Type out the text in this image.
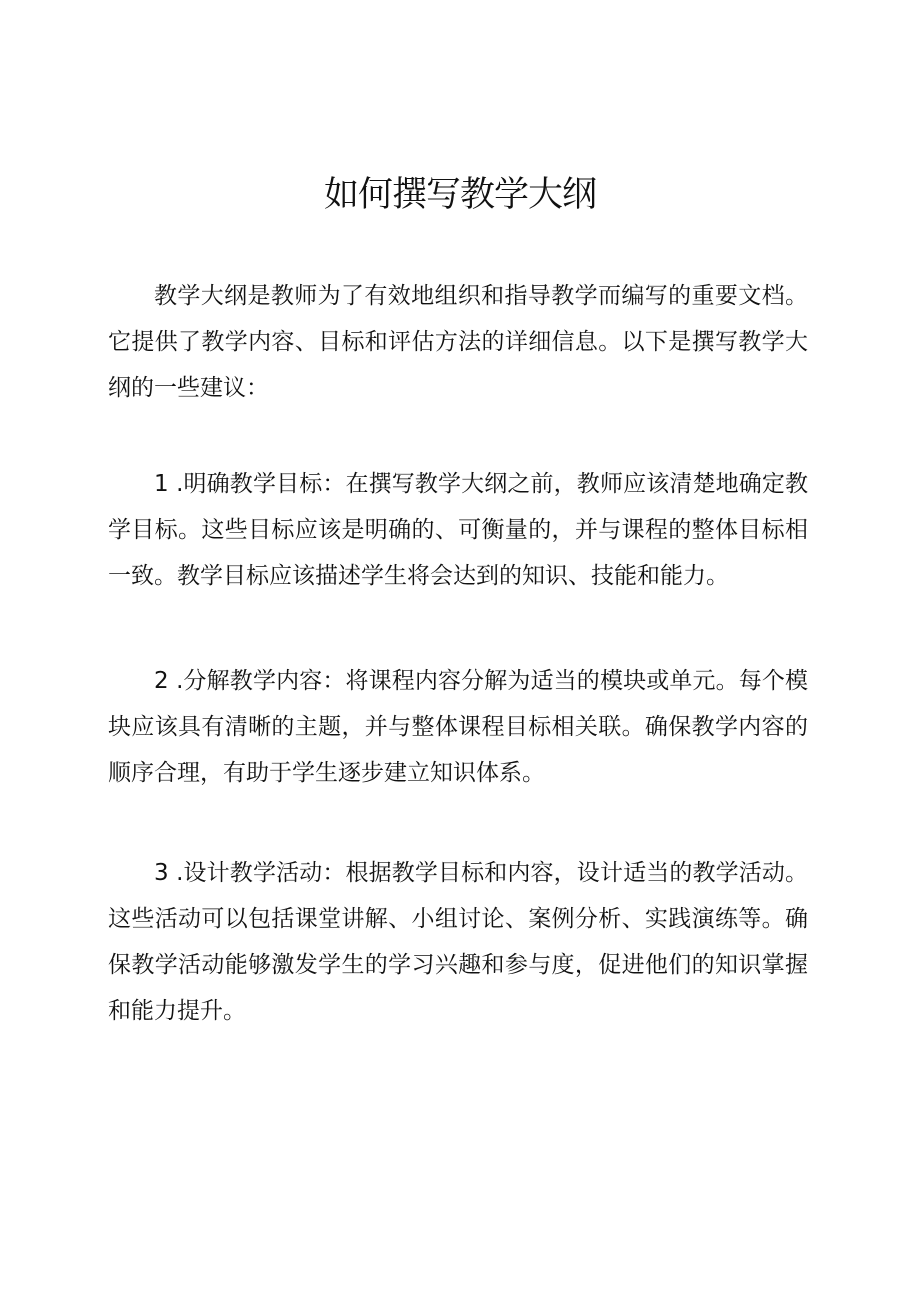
如何撰写教学大纲

教学大纲是教师为了有效地组织和指导教学而编写的重要文档。它提供了教学内容、目标和评估方法的详细信息。以下是撰写教学大纲的一些建议：

1 .明确教学目标：在撰写教学大纲之前，教师应该清楚地确定教学目标。这些目标应该是明确的、可衡量的，并与课程的整体目标相一致。教学目标应该描述学生将会达到的知识、技能和能力。

2 .分解教学内容：将课程内容分解为适当的模块或单元。每个模块应该具有清晰的主题，并与整体课程目标相关联。确保教学内容的顺序合理，有助于学生逐步建立知识体系。

3 .设计教学活动：根据教学目标和内容，设计适当的教学活动。这些活动可以包括课堂讲解、小组讨论、案例分析、实践演练等。确保教学活动能够激发学生的学习兴趣和参与度，促进他们的知识掌握和能力提升。
